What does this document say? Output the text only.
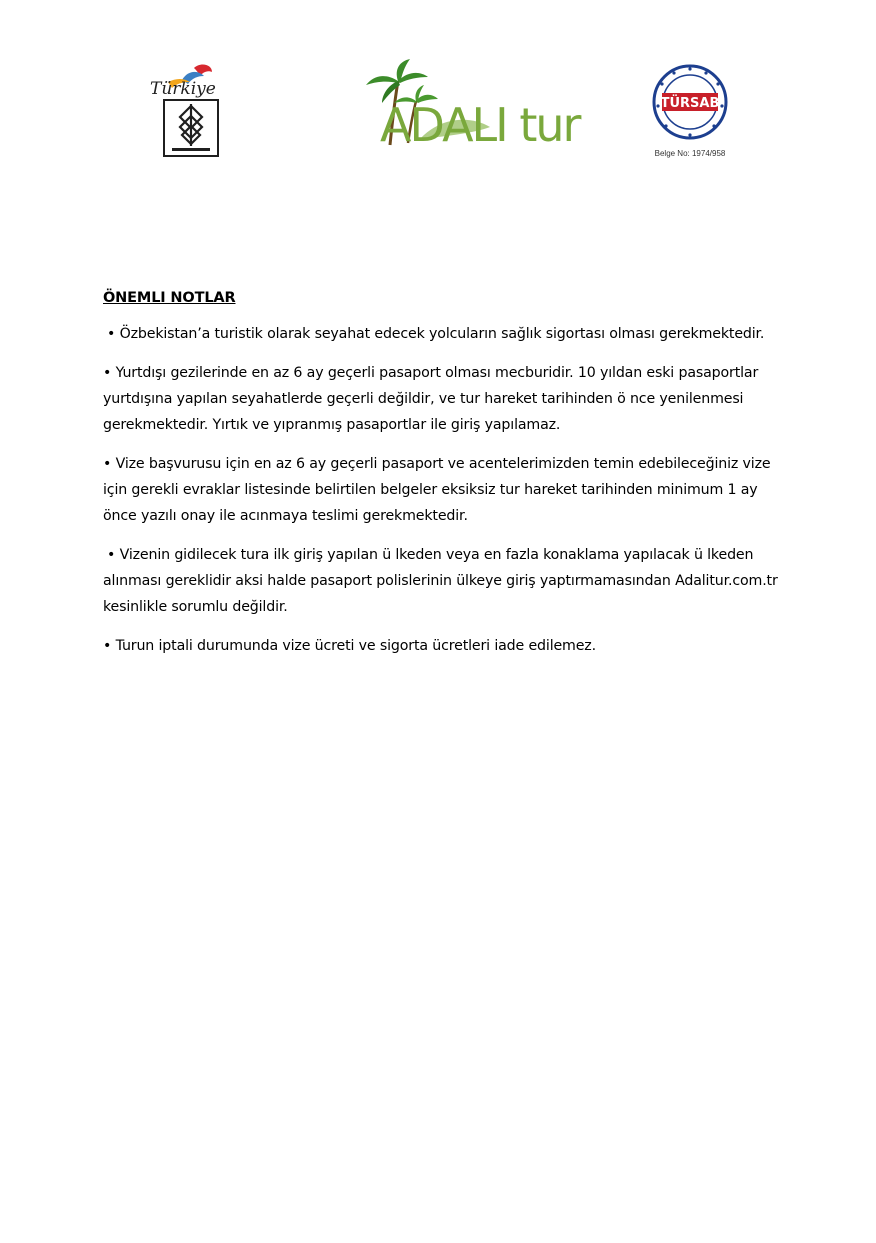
Türkiye
ADALI tur	TÜRSAB
Belge No: 1974/958
ÖNEMLI NOTLAR

• Özbekistan’a turistik olarak seyahat edecek yolcuların sağlık sigortası olması gerekmektedir.

• Yurtdışı gezilerinde en az 6 ay geçerli pasaport olması mecburidir. 10 yıldan eski pasaportlar yurtdışına yapılan seyahatlerde geçerli değildir, ve tur hareket tarihinden ö nce yenilenmesi gerekmektedir. Yırtık ve yıpranmış pasaportlar ile giriş yapılamaz.

• Vize başvurusu için en az 6 ay geçerli pasaport ve acentelerimizden temin edebileceğiniz vize için gerekli evraklar listesinde belirtilen belgeler eksiksiz tur hareket tarihinden minimum 1 ay önce yazılı onay ile acınmaya teslimi gerekmektedir.

• Vizenin gidilecek tura ilk giriş yapılan ü lkeden veya en fazla konaklama yapılacak ü lkeden alınması gereklidir aksi halde pasaport polislerinin ülkeye giriş yaptırmamasından Adalitur.com.tr kesinlikle sorumlu değildir.

• Turun iptali durumunda vize ücreti ve sigorta ücretleri iade edilemez.
